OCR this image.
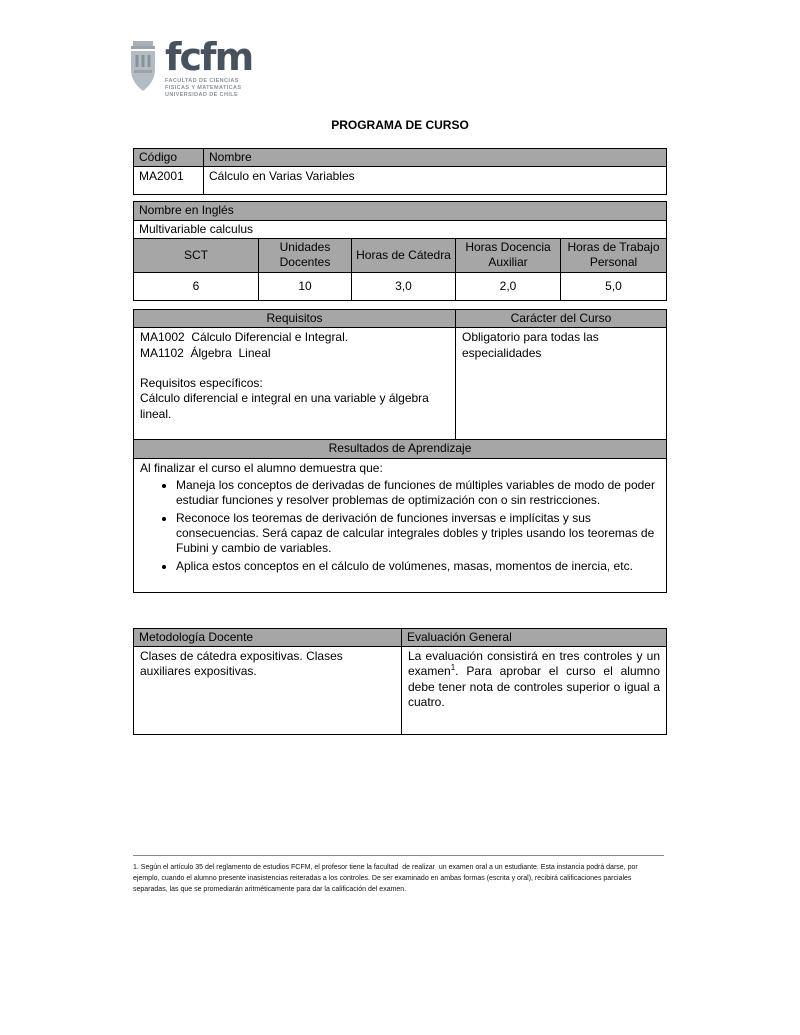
fcfm
FACULTAD DE CIENCIAS
FISICAS Y MATEMATICAS
UNIVERSIDAD DE CHILE
PROGRAMA DE CURSO
Código	Nombre
MA2001	Cálculo en Varias Variables
Nombre en Inglés
Multivariable calculus
SCT	Unidades Docentes	Horas de Cátedra	Horas Docencia Auxiliar	Horas de Trabajo Personal
6	10	3,0	2,0	5,0
Requisitos	Carácter del Curso

MA1002  Cálculo Diferencial e Integral.
MA1102  Álgebra  Lineal
Requisitos específicos:
Cálculo diferencial e integral en una variable y álgebra lineal.	Obligatorio para todas las especialidades
Resultados de Aprendizaje

Al finalizar el curso el alumno demuestra que:
• Maneja los conceptos de derivadas de funciones de múltiples variables de modo de poder estudiar funciones y resolver problemas de optimización con o sin restricciones.
• Reconoce los teoremas de derivación de funciones inversas e implícitas y sus consecuencias. Será capaz de calcular integrales dobles y triples usando los teoremas de Fubini y cambio de variables.
• Aplica estos conceptos en el cálculo de volúmenes, masas, momentos de inercia, etc.
Metodología Docente	Evaluación General
Clases de cátedra expositivas. Clases auxiliares expositivas.	La evaluación consistirá en tres controles y un examen$^1$. Para aprobar el curso el alumno debe tener nota de controles superior o igual a cuatro.
1. Según el artículo 35 del reglamento de estudios FCFM, el profesor tiene la facultad  de realizar  un examen oral a un estudiante. Esta instancia podrá darse, por ejemplo, cuando el alumno presente inasistencias reiteradas a los controles. De ser examinado en ambas formas (escrita y oral), recibirá calificaciones parciales separadas, las que se promediarán aritméticamente para dar la calificación del examen.
